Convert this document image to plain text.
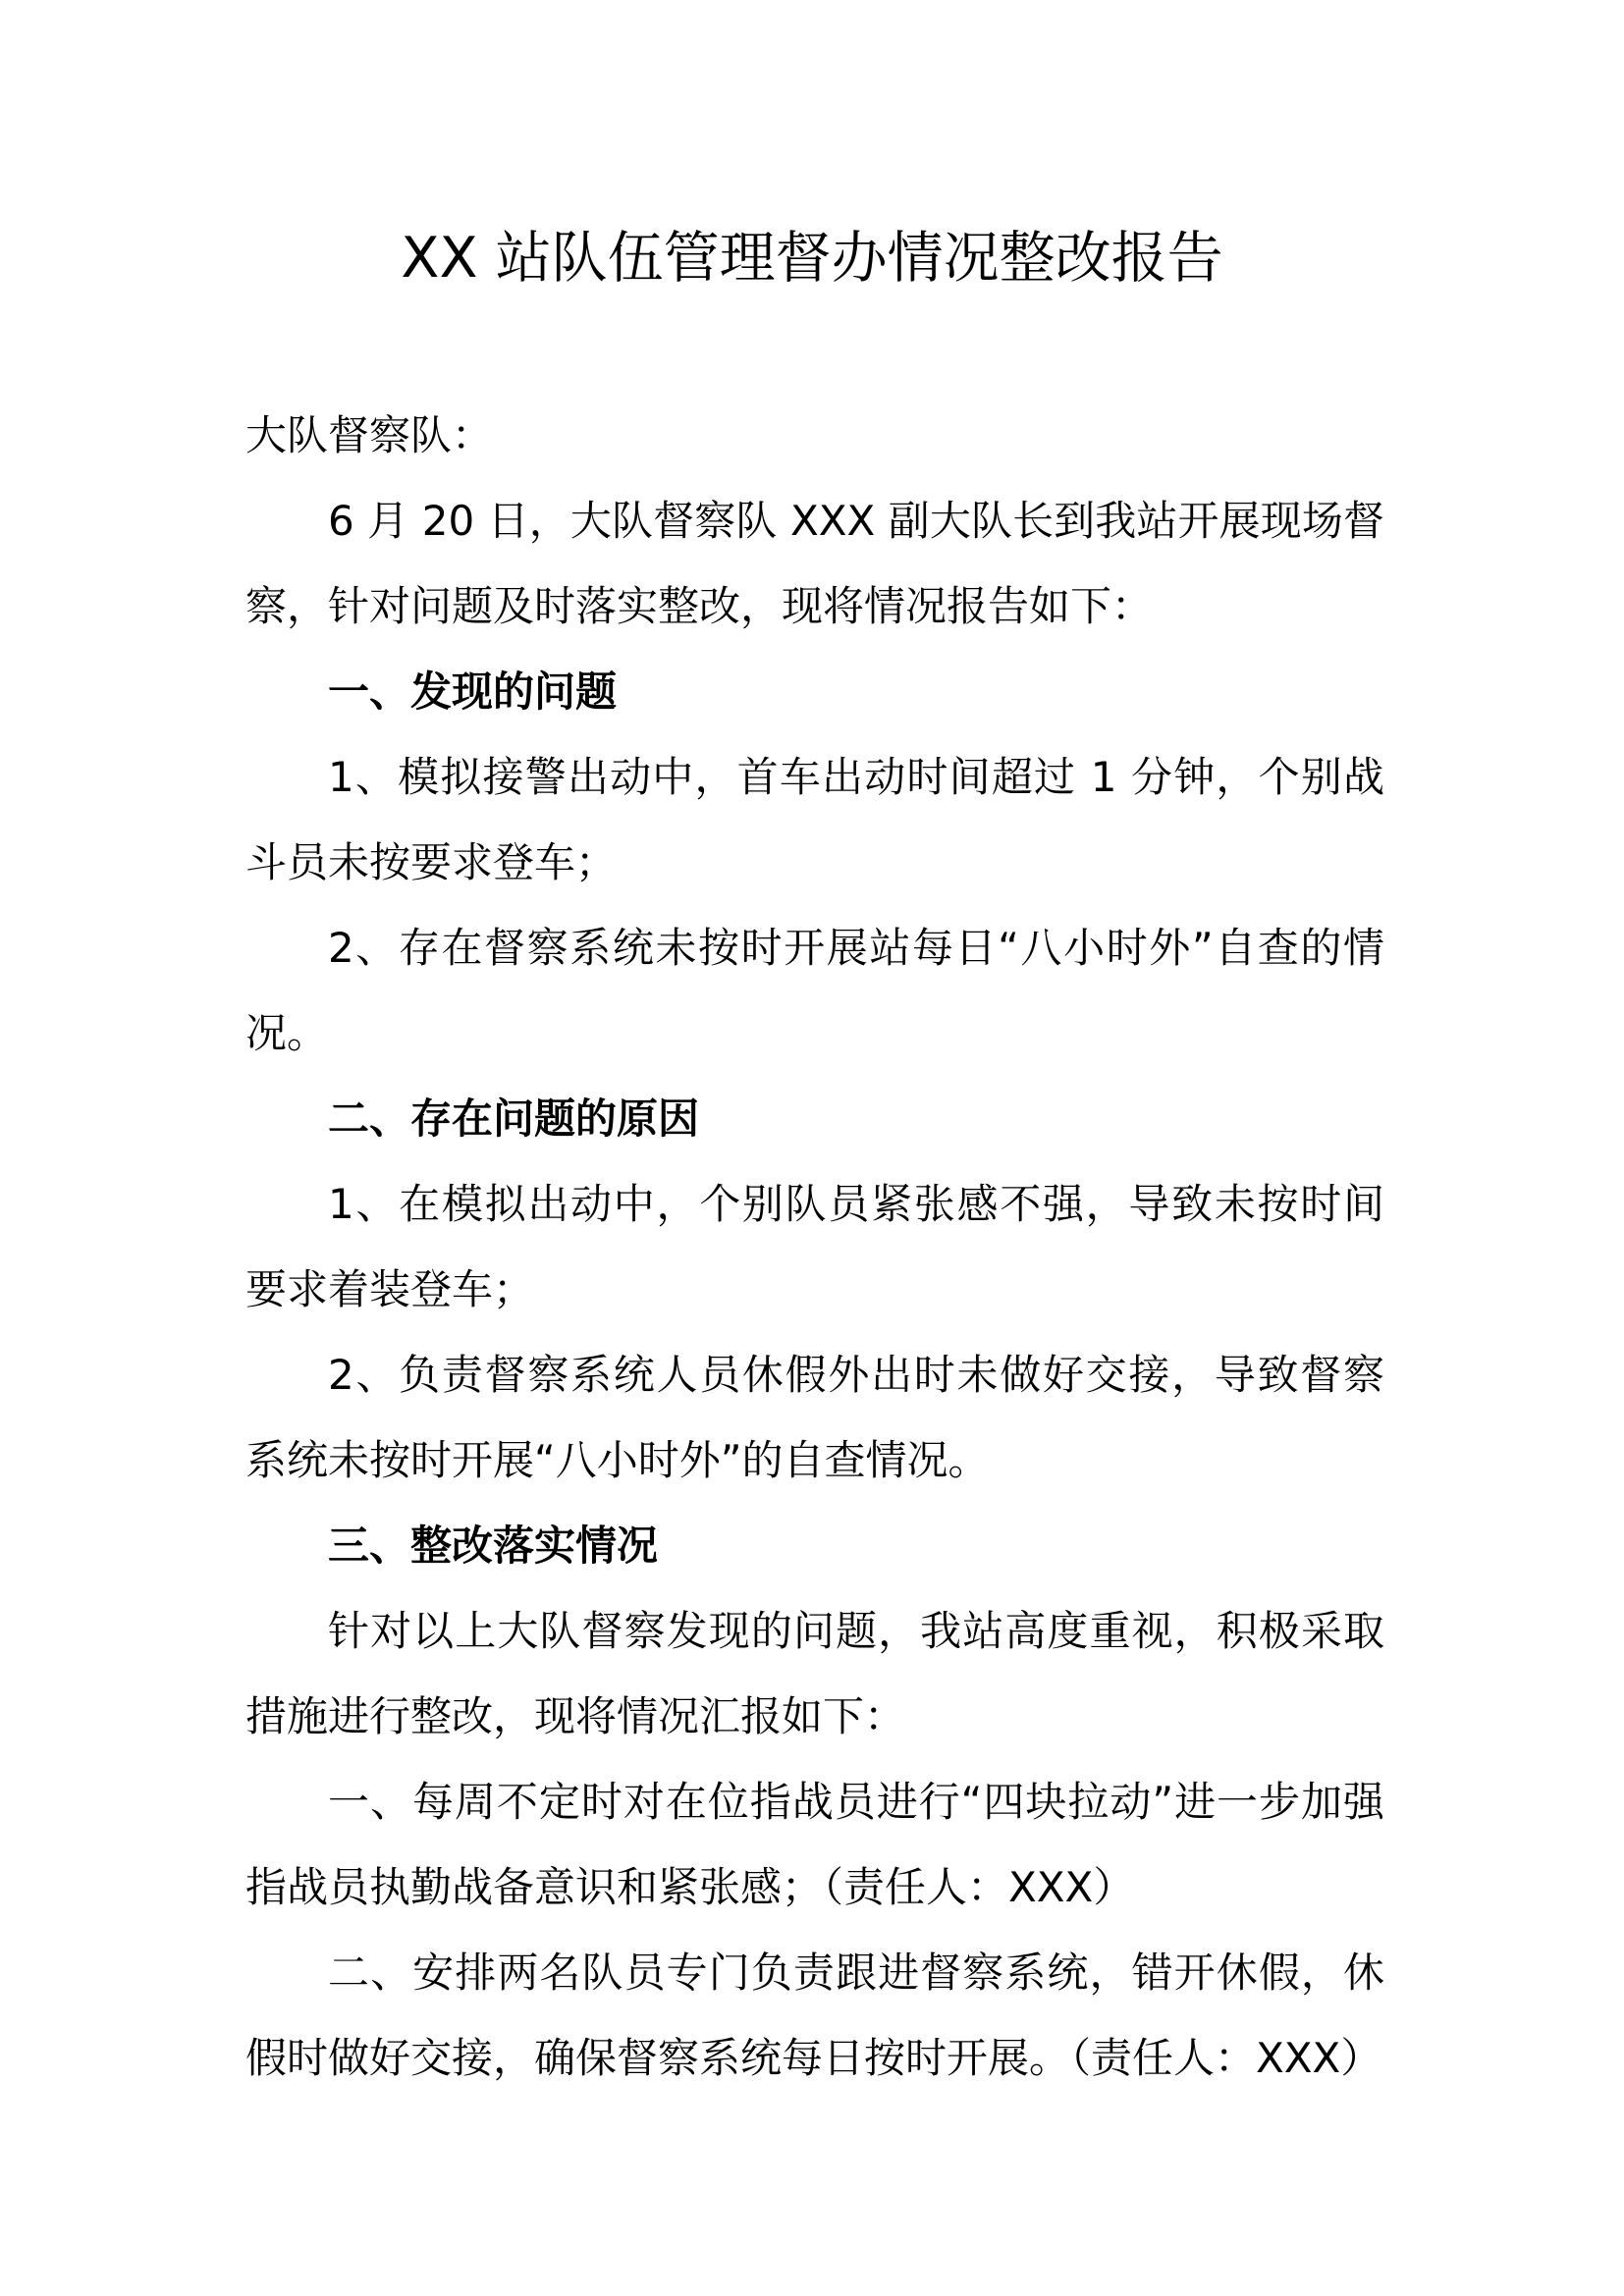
XX 站队伍管理督办情况整改报告

大队督察队：

6 月 20 日，大队督察队 XXX 副大队长到我站开展现场督察，针对问题及时落实整改，现将情况报告如下：

一、发现的问题

1、模拟接警出动中，首车出动时间超过 1 分钟，个别战斗员未按要求登车；

2、存在督察系统未按时开展站每日“八小时外”自查的情况。

二、存在问题的原因

1、在模拟出动中，个别队员紧张感不强，导致未按时间要求着装登车；

2、负责督察系统人员休假外出时未做好交接，导致督察系统未按时开展“八小时外”的自查情况。

三、整改落实情况

针对以上大队督察发现的问题，我站高度重视，积极采取措施进行整改，现将情况汇报如下：

一、每周不定时对在位指战员进行“四块拉动”进一步加强指战员执勤战备意识和紧张感；（责任人：XXX）

二、安排两名队员专门负责跟进督察系统，错开休假，休假时做好交接，确保督察系统每日按时开展。（责任人：XXX）
